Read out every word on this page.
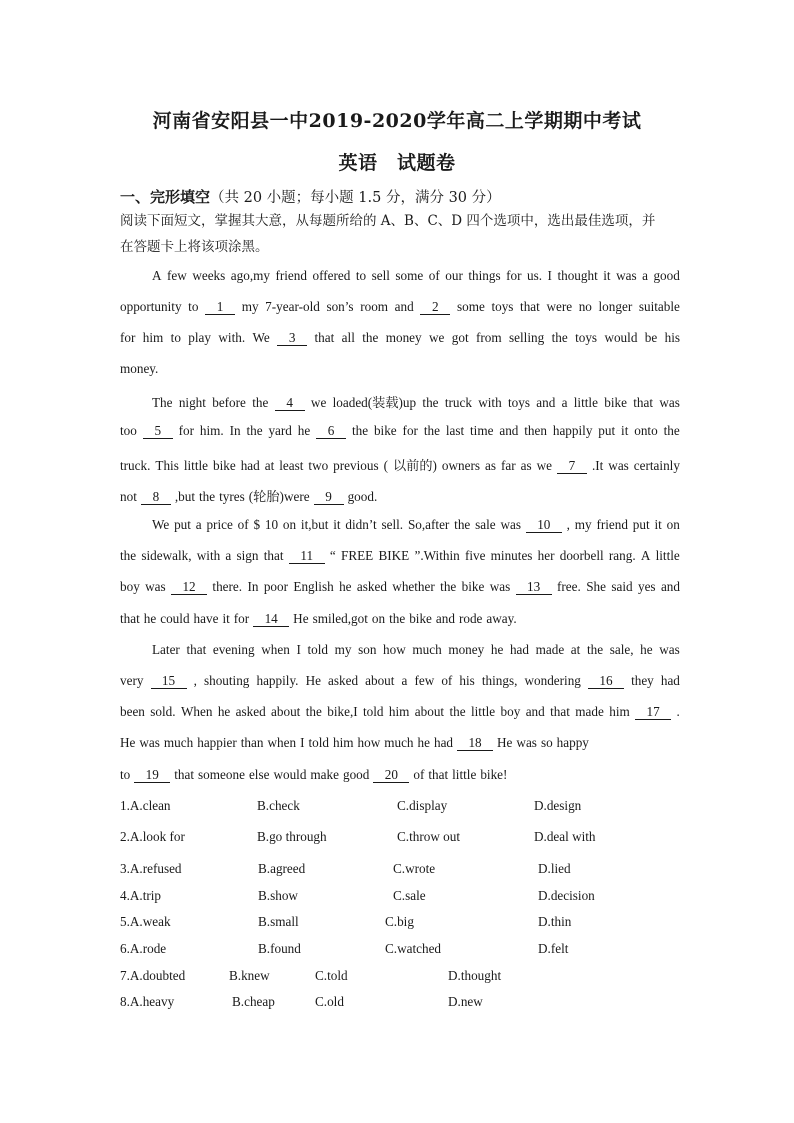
河南省安阳县一中2019-2020学年高二上学期期中考试
英语　试题卷
一、完形填空（共 20 小题；每小题 1.5 分，满分 30 分）
阅读下面短文，掌握其大意，从每题所给的 A、B、C、D 四个选项中，选出最佳选项，并
在答题卡上将该项涂黑。
A few weeks ago,my friend offered to sell some of our things for us. I thought it was a good
opportunity to	1	my 7-year-old son’s room and	2	some toys that were no longer suitable
for him to play with. We	3	that all the money we got from selling the toys would be his
money.
The night before the	4	we loaded(装载)up the truck with toys and a little bike that was
too	5	for him. In the yard he	6	the bike for the last time and then happily put it onto the
truck. This little bike had at least two previous ( 以前的) owners as far as we	7	.It was certainly
not 8 ,but the tyres (轮胎)were 9 good.
We put a price of $ 10 on it,but it didn’t sell. So,after the sale was 10 , my friend put it on
the sidewalk, with a sign that	11	“ FREE BIKE ”.Within five minutes her doorbell rang. A little
boy was	12	there. In poor English he asked whether the bike was	13	free. She said yes and
that he could have it for 14 He smiled,got on the bike and rode away.
Later that evening when I told my son how much money he had made at the sale, he was
very	15	, shouting happily. He asked about a few of his things, wondering	16	they had
been sold. When he asked about the bike,I told him about the little boy and that made him	17	.
He was much happier than when I told him how much he had 18 He was so happy
to 19 that someone else would make good 20 of that little bike!
1.A.clean	B.check	C.display	D.design
2.A.look for	B.go through	C.throw out	D.deal with
3.A.refused	B.agreed	C.wrote	D.lied
4.A.trip	B.show	C.sale	D.decision
5.A.weak	B.small	C.big	D.thin
6.A.rode	B.found	C.watched	D.felt
7.A.doubted	B.knew	C.told	D.thought
8.A.heavy	B.cheap	C.old	D.new
